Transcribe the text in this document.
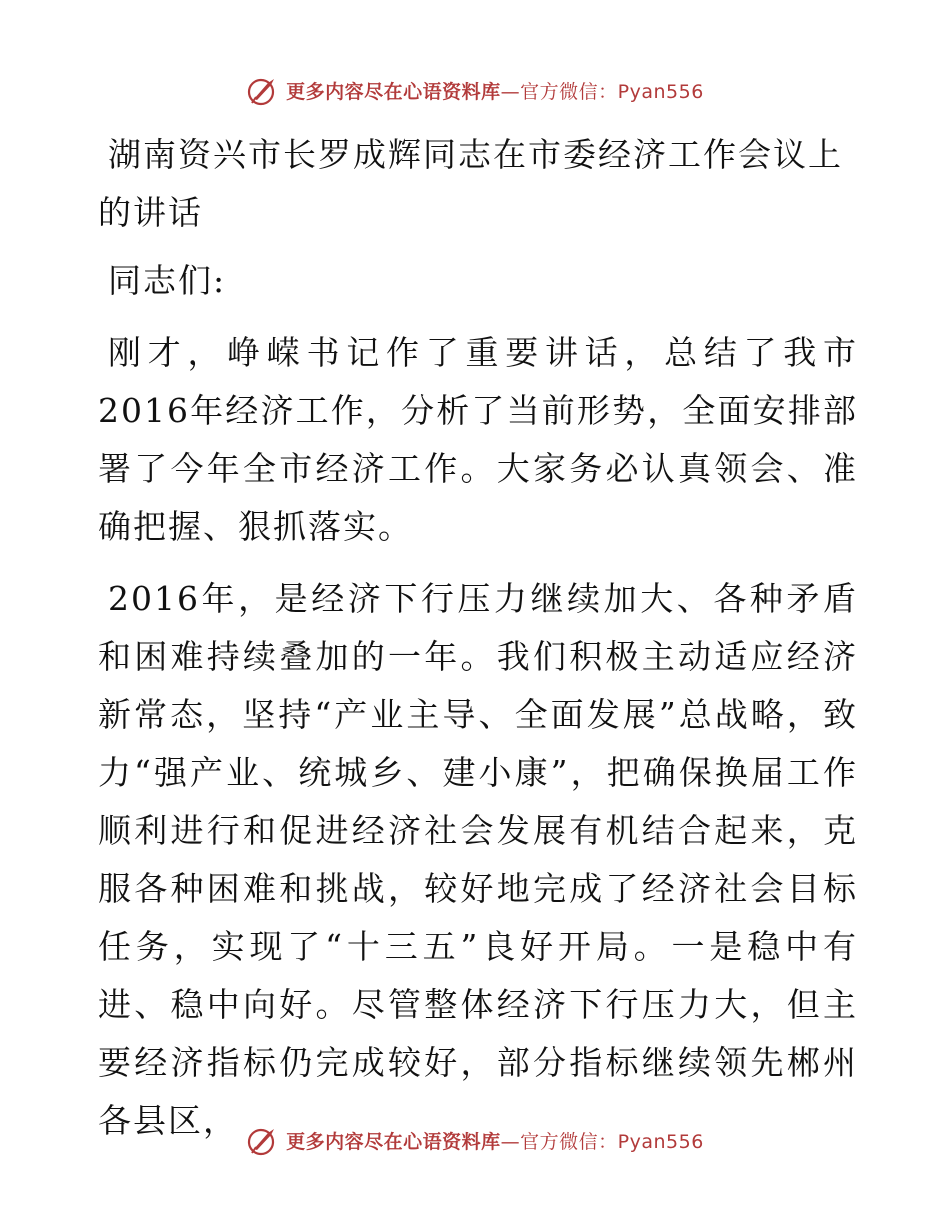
更多内容尽在心语资料库—官方微信：Pyan556
湖南资兴市长罗成辉同志在市委经济工作会议上的讲话
同志们:
刚才，峥嵘书记作了重要讲话，总结了我市2016年经济工作，分析了当前形势，全面安排部署了今年全市经济工作。大家务必认真领会、准确把握、狠抓落实。
2016年，是经济下行压力继续加大、各种矛盾和困难持续叠加的一年。我们积极主动适应经济新常态，坚持“产业主导、全面发展”总战略，致力“强产业、统城乡、建小康”，把确保换届工作顺利进行和促进经济社会发展有机结合起来，克服各种困难和挑战，较好地完成了经济社会目标任务，实现了“十三五”良好开局。一是稳中有进、稳中向好。尽管整体经济下行压力大，但主要经济指标仍完成较好，部分指标继续领先郴州各县区，
更多内容尽在心语资料库—官方微信：Pyan556
